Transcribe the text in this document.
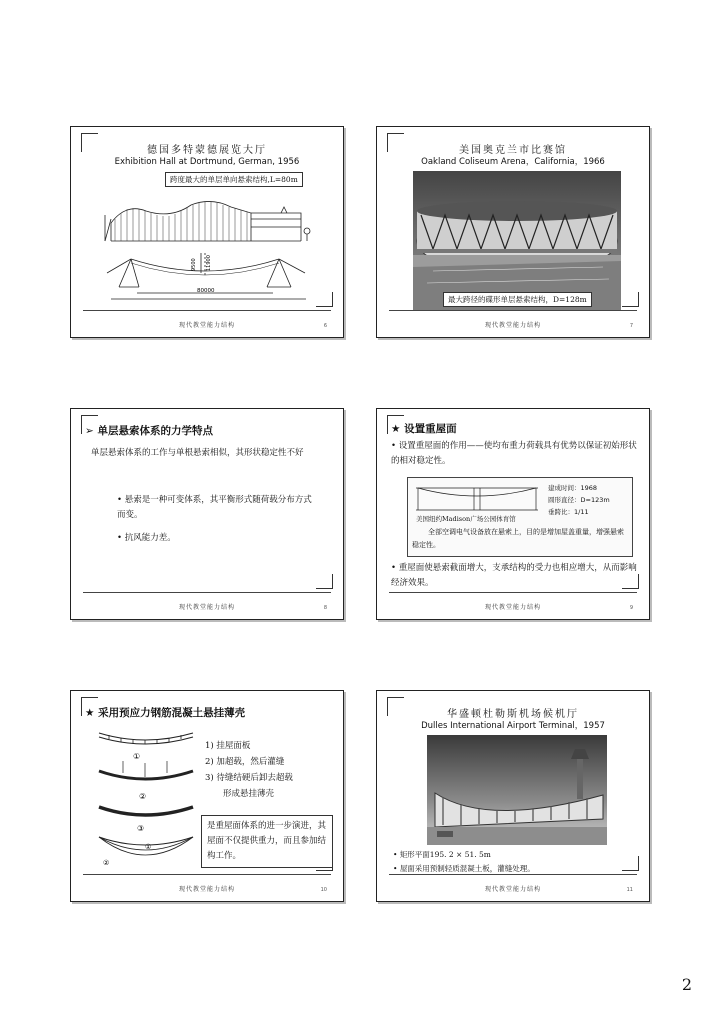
德国多特蒙德展览大厅
Exhibition Hall at Dortmund, German, 1956
跨度最大的单层单向悬索结构,L=80m
9500 11900
80000
现代教堂能力结构	6
美国奥克兰市比赛馆
Oakland Coliseum Arena，California，1966
最大跨径的碟形单层悬索结构，D=128m
现代教堂能力结构	7
➢ 单层悬索体系的力学特点
单层悬索体系的工作与单根悬索相似，其形状稳定性不好
• 悬索是一种可变体系，其平衡形式随荷载分布方式而变。
• 抗风能力差。
现代教堂能力结构	8
★ 设置重屋面
• 设置重屋面的作用——使均布重力荷载具有优势以保证初始形状的相对稳定性。
美国纽约Madison广场公园体育馆
建成时间：1968
圆形直径：D=123m
垂跨比：1/11
全部空调电气设备放在悬索上，目的是增加屋盖重量，增强悬索稳定性。
• 重屋面使悬索截面增大，支承结构的受力也相应增大，从而影响经济效果。
现代教堂能力结构	9
★ 采用预应力钢筋混凝土悬挂薄壳
①
②
③
①
②
1) 挂屋面板
2) 加超载，然后灌缝
3) 待缝结硬后卸去超载
形成悬挂薄壳
是重屋面体系的进一步演进，其屋面不仅提供重力，而且参加结构工作。
现代教堂能力结构	10
华盛顿杜勒斯机场候机厅
Dulles International Airport Terminal，1957
• 矩形平面195. 2 × 51. 5m
• 屋面采用预制轻质混凝土板，灌缝处理。
现代教堂能力结构	11
2
